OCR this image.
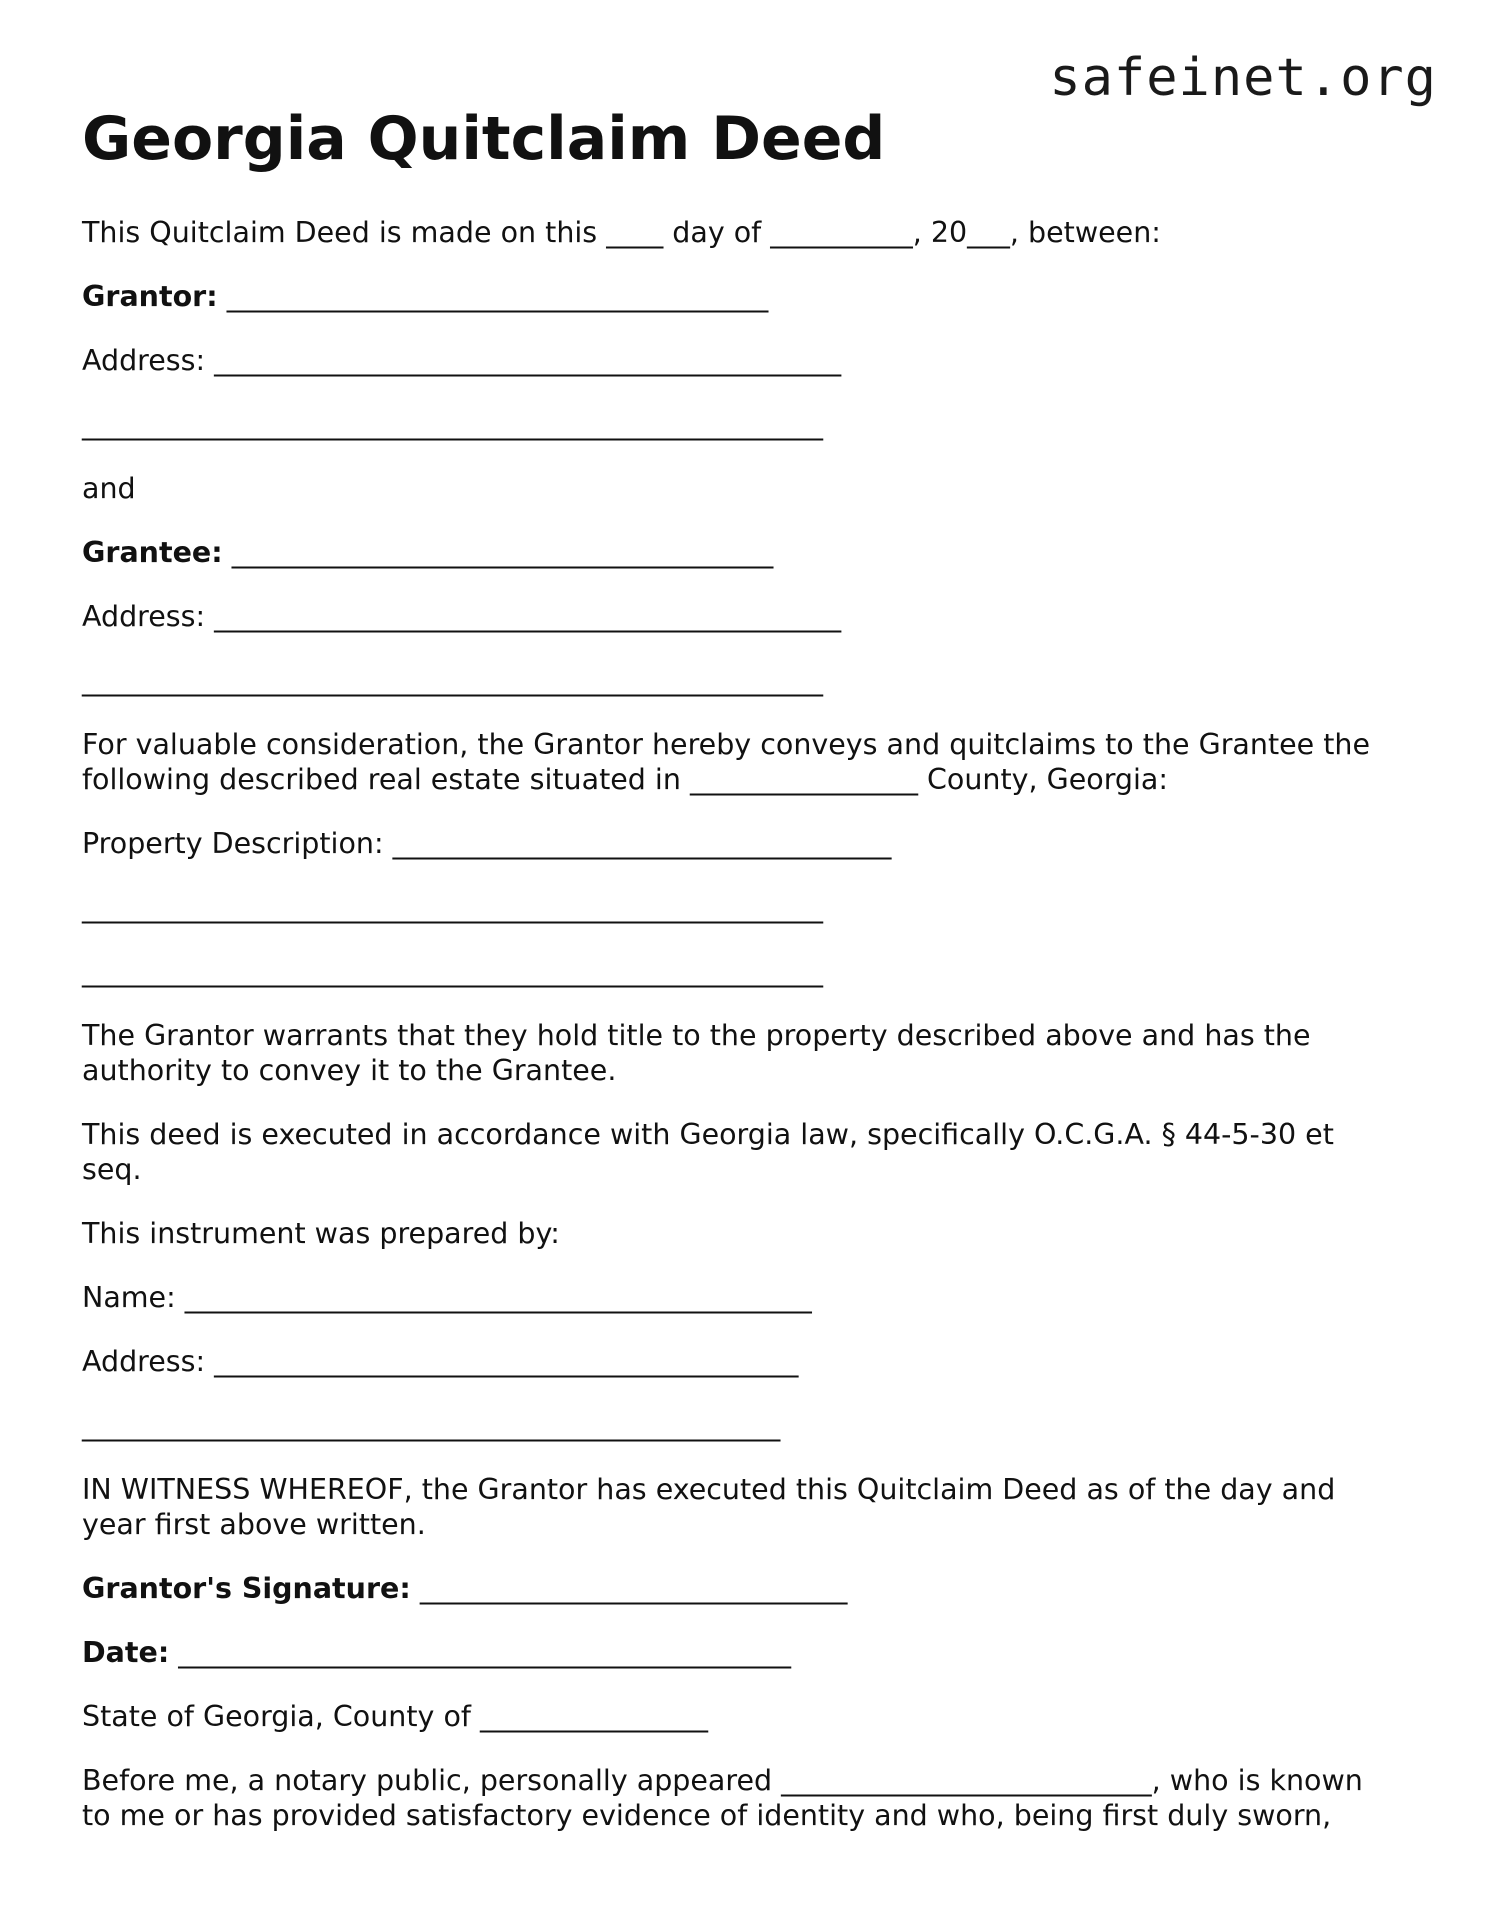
safeinet.org
Georgia Quitclaim Deed
This Quitclaim Deed is made on this ____ day of __________, 20___, between:
Grantor: ______________________________________
Address: ____________________________________________
____________________________________________________
and
Grantee: ______________________________________
Address: ____________________________________________
____________________________________________________
For valuable consideration, the Grantor hereby conveys and quitclaims to the Grantee the
following described real estate situated in ________________ County, Georgia:
Property Description: ___________________________________
____________________________________________________
____________________________________________________
The Grantor warrants that they hold title to the property described above and has the
authority to convey it to the Grantee.
This deed is executed in accordance with Georgia law, specifically O.C.G.A. § 44-5-30 et
seq.
This instrument was prepared by:
Name: ____________________________________________
Address: _________________________________________
_________________________________________________
IN WITNESS WHEREOF, the Grantor has executed this Quitclaim Deed as of the day and
year first above written.
Grantor's Signature: ______________________________
Date: ___________________________________________
State of Georgia, County of ________________
Before me, a notary public, personally appeared __________________________, who is known
to me or has provided satisfactory evidence of identity and who, being first duly sworn,
